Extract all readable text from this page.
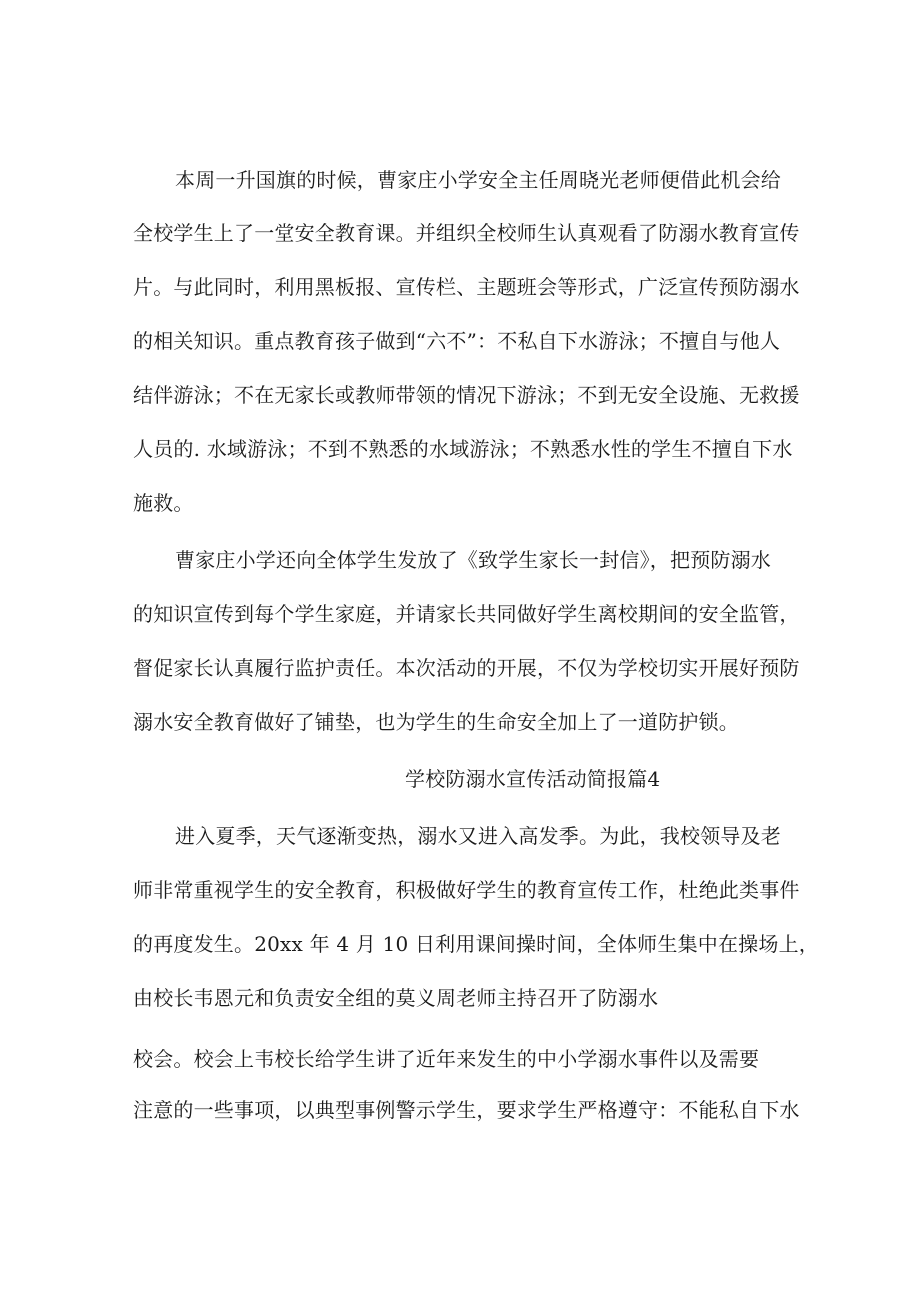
本周一升国旗的时候，曹家庄小学安全主任周晓光老师便借此机会给
全校学生上了一堂安全教育课。并组织全校师生认真观看了防溺水教育宣传
片。与此同时，利用黑板报、宣传栏、主题班会等形式，广泛宣传预防溺水
的相关知识。重点教育孩子做到“六不”：不私自下水游泳；不擅自与他人
结伴游泳；不在无家长或教师带领的情况下游泳；不到无安全设施、无救援
人员的. 水域游泳；不到不熟悉的水域游泳；不熟悉水性的学生不擅自下水
施救。
曹家庄小学还向全体学生发放了《致学生家长一封信》，把预防溺水
的知识宣传到每个学生家庭，并请家长共同做好学生离校期间的安全监管，
督促家长认真履行监护责任。本次活动的开展，不仅为学校切实开展好预防
溺水安全教育做好了铺垫，也为学生的生命安全加上了一道防护锁。
学校防溺水宣传活动简报篇4
进入夏季，天气逐渐变热，溺水又进入高发季。为此，我校领导及老
师非常重视学生的安全教育，积极做好学生的教育宣传工作，杜绝此类事件
的再度发生。20xx 年 4 月 10 日利用课间操时间，全体师生集中在操场上，
由校长韦恩元和负责安全组的莫义周老师主持召开了防溺水
校会。校会上韦校长给学生讲了近年来发生的中小学溺水事件以及需要
注意的一些事项，以典型事例警示学生，要求学生严格遵守：不能私自下水
